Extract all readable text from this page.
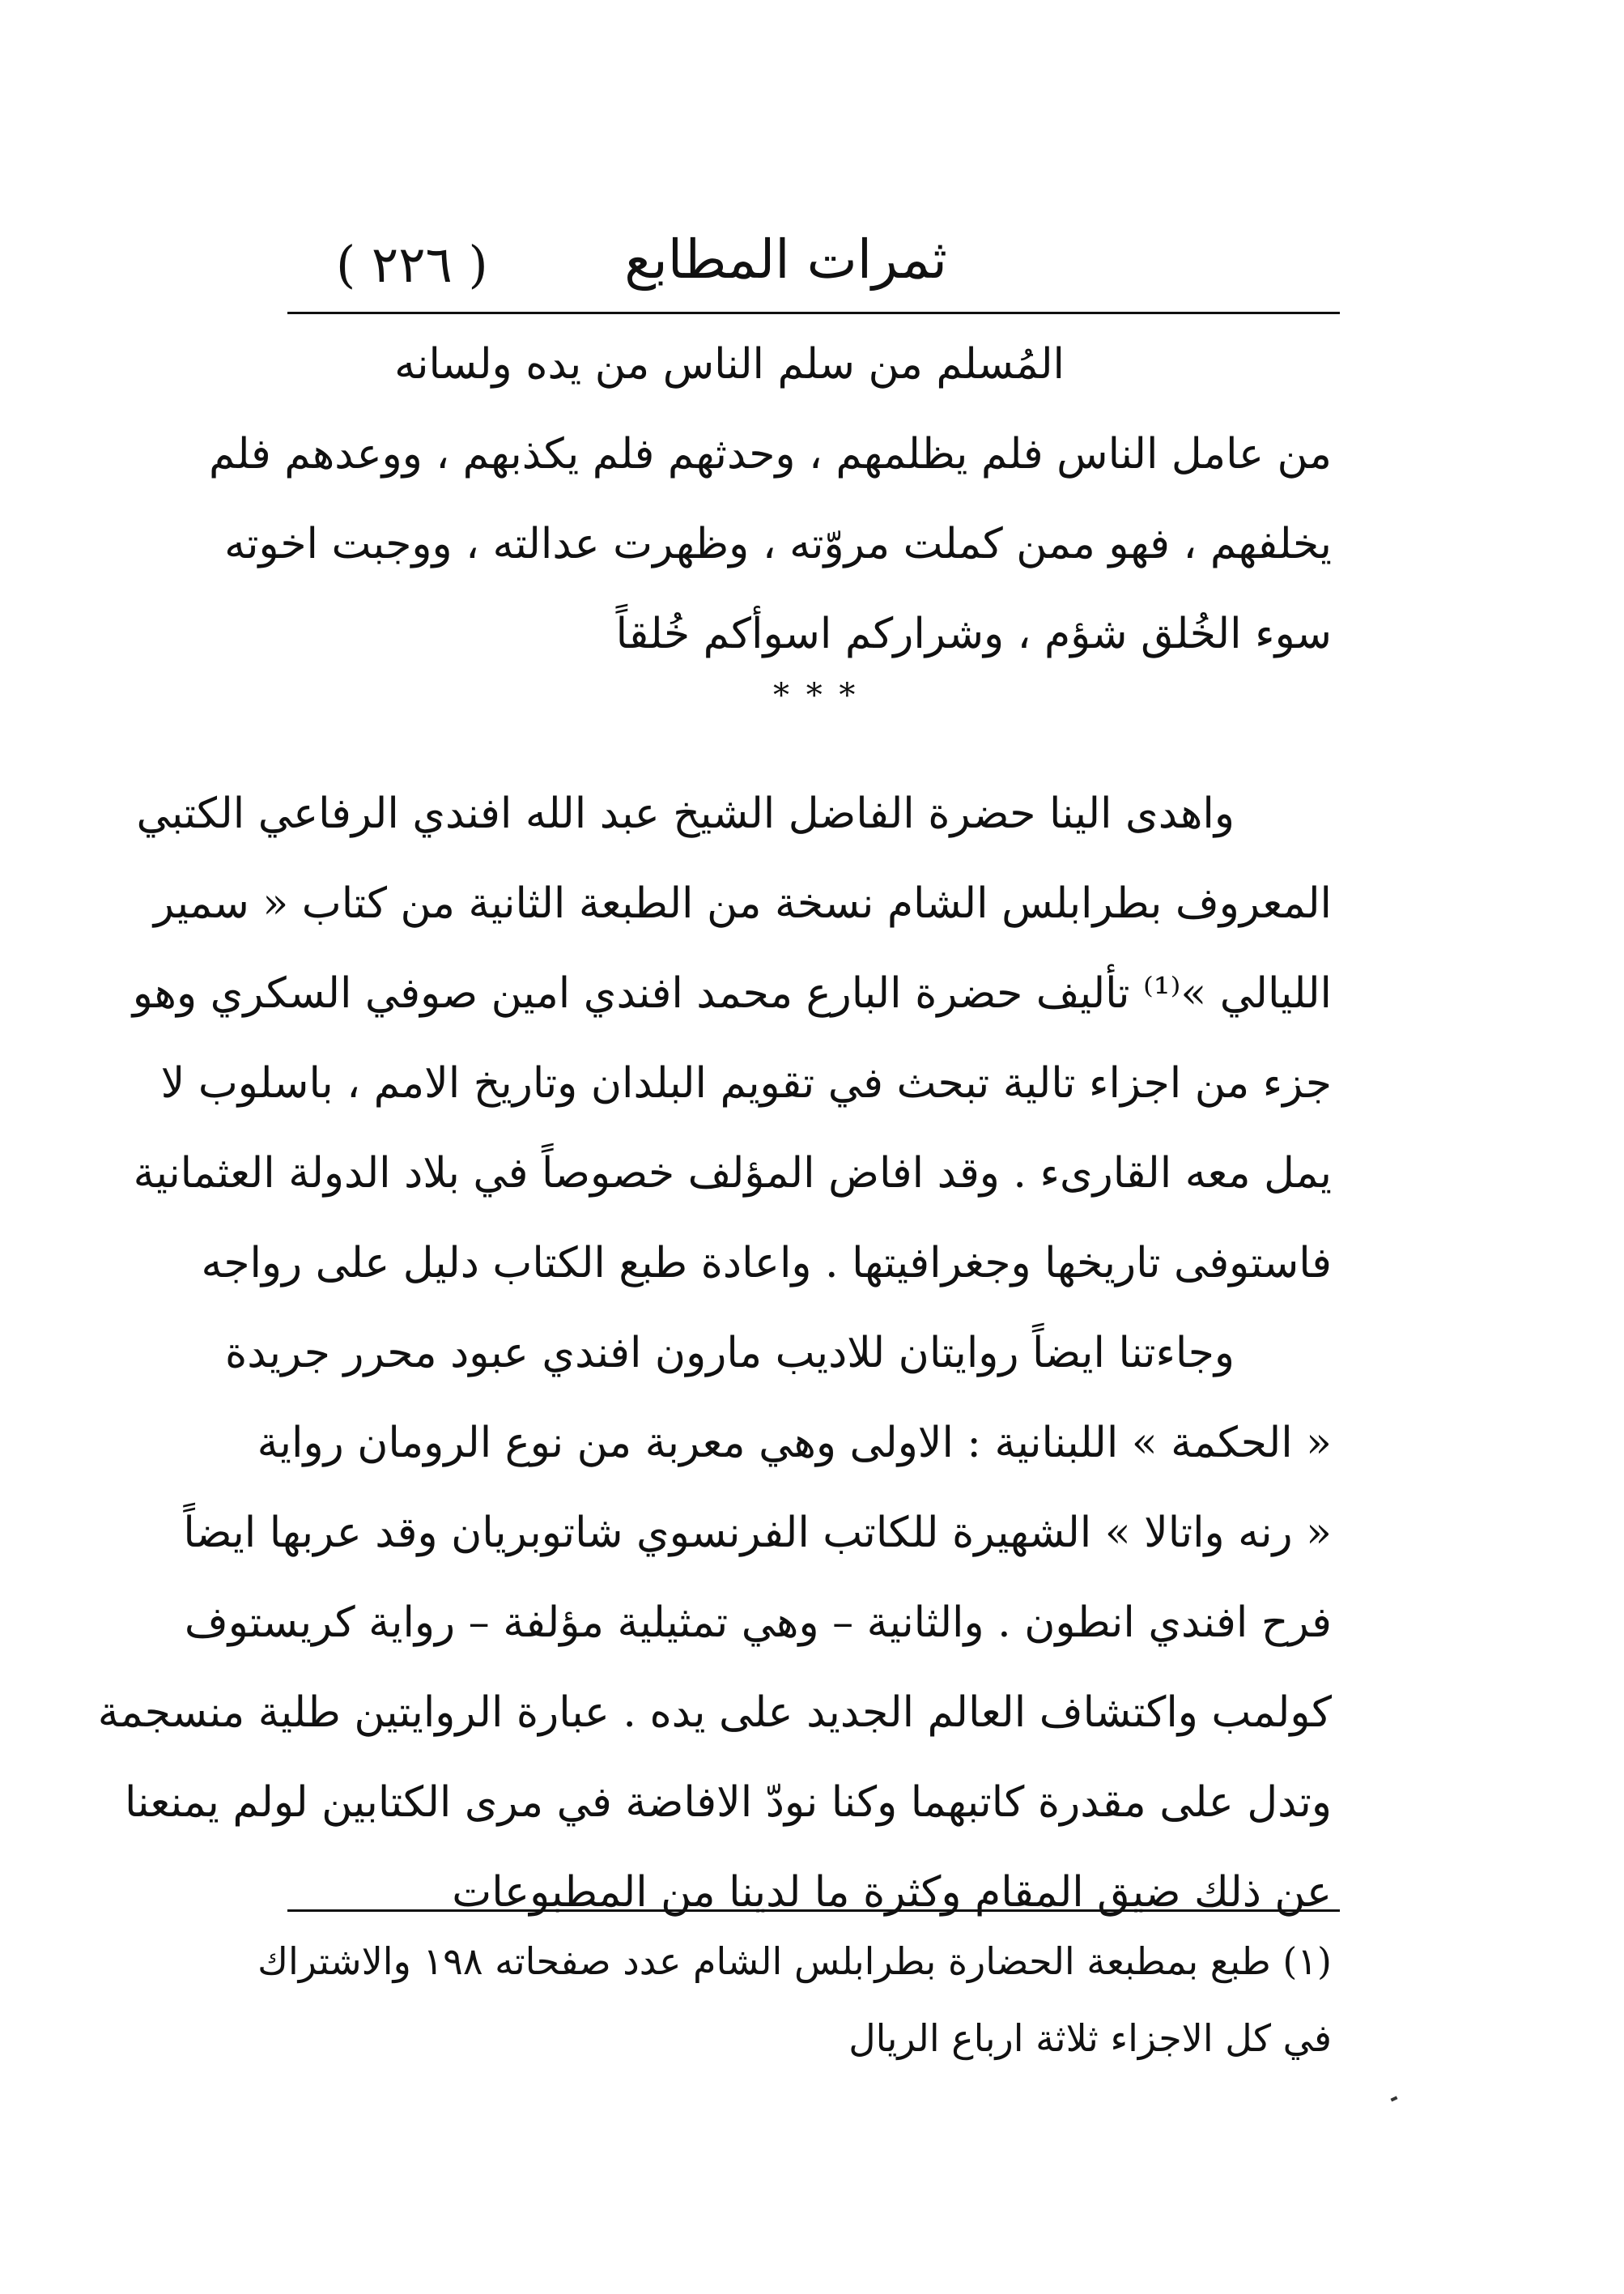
( ٢٢٦ )	ثمرات المطابع
المُسلم من سلم الناس من يده ولسانه
من عامل الناس فلم يظلمهم ، وحدثهم فلم يكذبهم ، ووعدهم فلم
يخلفهم ، فهو ممن كملت مروّته ، وظهرت عدالته ، ووجبت اخوته
سوء الخُلق شؤم ، وشراركم اسوأكم خُلقاً
* * *
واهدى الينا حضرة الفاضل الشيخ عبد الله افندي الرفاعي الكتبي
المعروف بطرابلس الشام نسخة من الطبعة الثانية من كتاب « سمير
الليالي »⁽¹⁾ تأليف حضرة البارع محمد افندي امين صوفي السكري وهو
جزء من اجزاء تالية تبحث في تقويم البلدان وتاريخ الامم ، باسلوب لا
يمل معه القارىء . وقد افاض المؤلف خصوصاً في بلاد الدولة العثمانية
فاستوفى تاريخها وجغرافيتها . واعادة طبع الكتاب دليل على رواجه
وجاءتنا ايضاً روايتان للاديب مارون افندي عبود محرر جريدة
« الحكمة » اللبنانية : الاولى وهي معربة من نوع الرومان رواية
« رنه واتالا » الشهيرة للكاتب الفرنسوي شاتوبريان وقد عربها ايضاً
فرح افندي انطون . والثانية – وهي تمثيلية مؤلفة – رواية كريستوف
كولمب واكتشاف العالم الجديد على يده . عبارة الروايتين طلية منسجمة
وتدل على مقدرة كاتبهما وكنا نودّ الافاضة في مرى الكتابين لولم يمنعنا
عن ذلك ضيق المقام وكثرة ما لدينا من المطبوعات
(١) طبع بمطبعة الحضارة بطرابلس الشام عدد صفحاته ١٩٨ والاشتراك
في كل الاجزاء ثلاثة ارباع الريال
